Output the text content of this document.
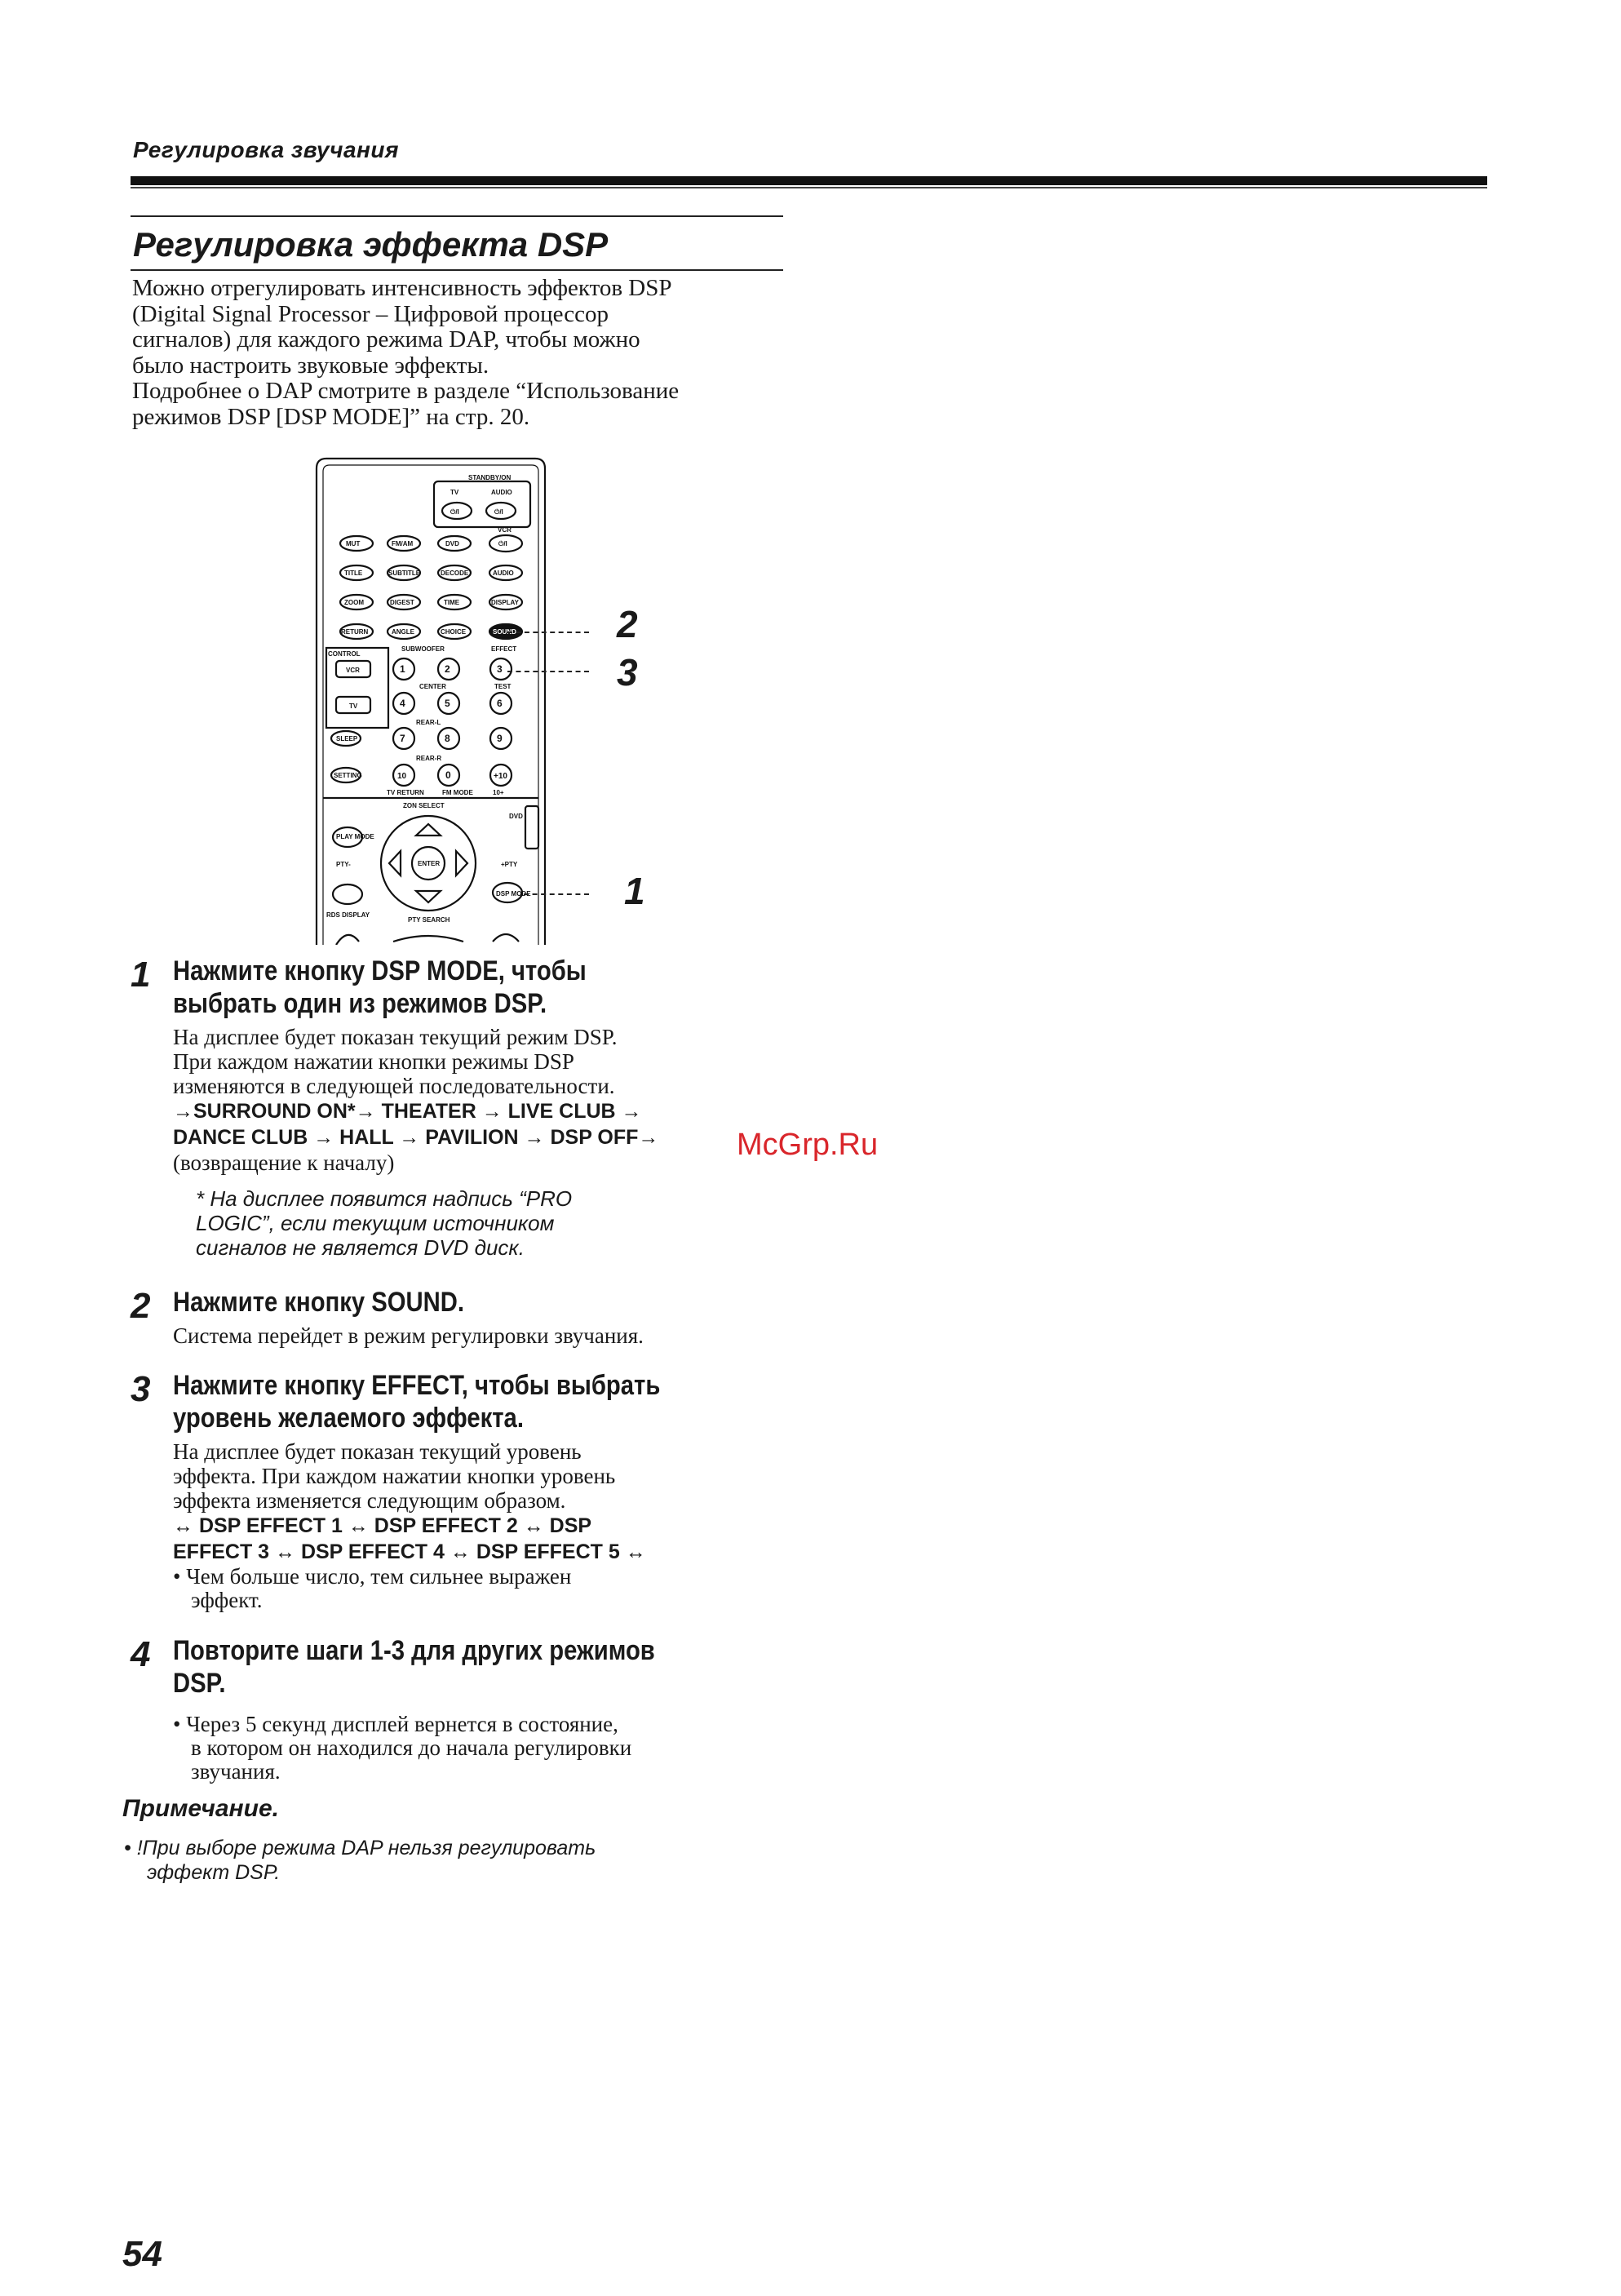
Регулировка звучания
Регулировка эффекта DSP

Можно отрегулировать интенсивность эффектов DSP
(Digital Signal Processor – Цифровой процессор
сигналов) для каждого режима DAP, чтобы можно
было настроить звуковые эффекты.

Подробнее о DAP смотрите в разделе “Использование
режимов DSP [DSP MODE]” на стр. 20.

STANDBY/ON
TV	AUDIO
VCR
⏻/I	⏻/I
MUT	FM/AM	DVD	⏻/I
TITLE	SUBTITLE	DECODE	AUDIO
ZOOM	DIGEST	TIME	DISPLAY
RETURN	ANGLE	CHOICE	SOUND
CONTROL
SUBWOOFER	EFFECT
CENTER	TEST
REAR-L
REAR-R
VCR
TV
SLEEP
SETTING
1	2	3
4	5	6
7	8	9
10	0	+10
TV RETURN	FM MODE	10+
ZON SELECT
DVD
PLAY MODE
PTY-	+PTY
ENTER
DSP MODE
RDS DISPLAY
PTY SEARCH
2
3
1
1 Нажмите кнопку DSP MODE, чтобы
выбрать один из режимов DSP.
На дисплее будет показан текущий режим DSP.
При каждом нажатии кнопки режимы DSP
изменяются в следующей последовательности.
→SURROUND ON*→ THEATER → LIVE CLUB →
DANCE CLUB → HALL → PAVILION → DSP OFF→
(возвращение к началу)
* На дисплее появится надпись “PRO
LOGIC”, если текущим источником
сигналов не является DVD диск.
2 Нажмите кнопку SOUND.
Система перейдет в режим регулировки звучания.
3 Нажмите кнопку EFFECT, чтобы выбрать
уровень желаемого эффекта.
На дисплее будет показан текущий уровень
эффекта. При каждом нажатии кнопки уровень
эффекта изменяется следующим образом.
↔ DSP EFFECT 1 ↔ DSP EFFECT 2 ↔ DSP
EFFECT 3 ↔ DSP EFFECT 4 ↔ DSP EFFECT 5 ↔
• Чем больше число, тем сильнее выражен
эффект.
4 Повторите шаги 1-3 для других режимов
DSP.
• Через 5 секунд дисплей вернется в состояние,
в котором он находился до начала регулировки
звучания.
Примечание.
• !При выборе режима DAP нельзя регулировать
эффект DSP.
McGrp.Ru
54
